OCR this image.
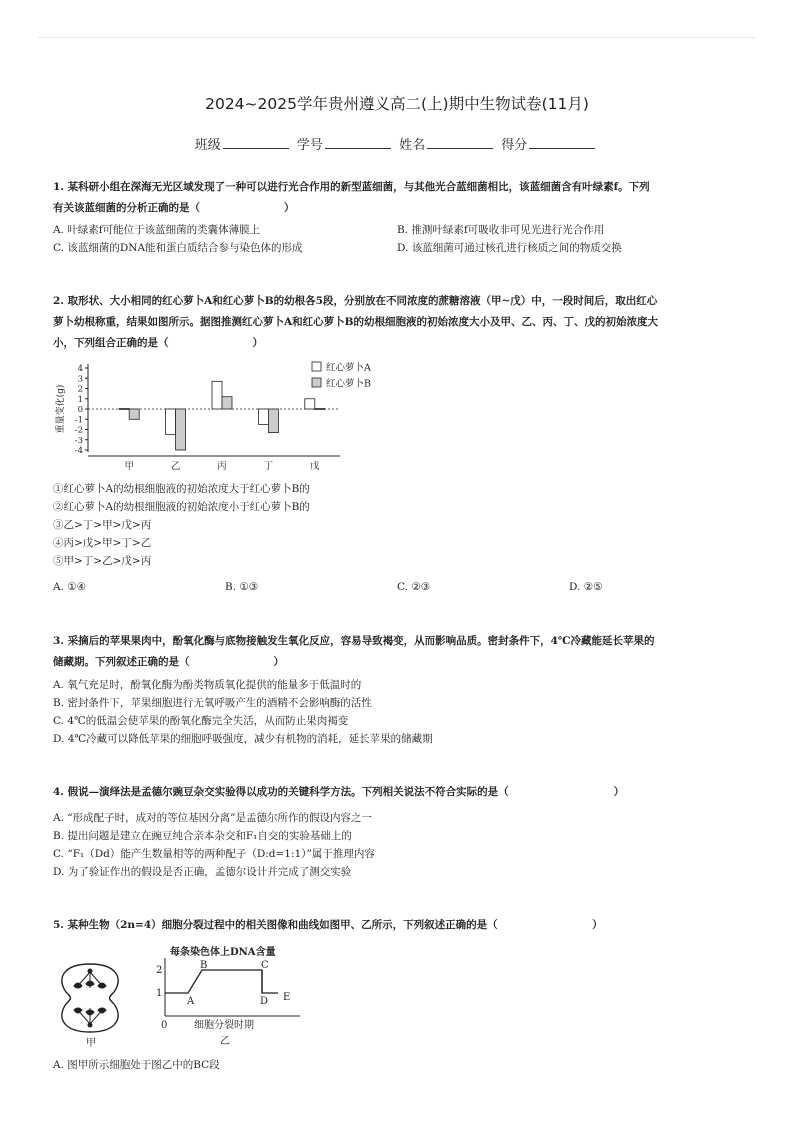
2024~2025学年贵州遵义高二(上)期中生物试卷(11月)
班级	学号	姓名	得分
1. 某科研小组在深海无光区域发现了一种可以进行光合作用的新型蓝细菌，与其他光合蓝细菌相比，该蓝细菌含有叶绿素f。下列
有关该蓝细菌的分析正确的是（　　　　　　　　）
A. 叶绿素f可能位于该蓝细菌的类囊体薄膜上	B. 推测叶绿素f可吸收非可见光进行光合作用
C. 该蓝细菌的DNA能和蛋白质结合参与染色体的形成	D. 该蓝细菌可通过核孔进行核质之间的物质交换
2. 取形状、大小相同的红心萝卜A和红心萝卜B的幼根各5段，分别放在不同浓度的蔗糖溶液（甲~戊）中，一段时间后，取出红心
萝卜幼根称重，结果如图所示。据图推测红心萝卜A和红心萝卜B的幼根细胞液的初始浓度大小及甲、乙、丙、丁、戊的初始浓度大
小，下列组合正确的是（　　　　　　　　）
重量变化(g)
4
3
2
1
0
-1
-2
-3
-4
甲	乙	丙	丁	戊
红心萝卜A
红心萝卜B
①红心萝卜A的幼根细胞液的初始浓度大于红心萝卜B的
②红心萝卜A的幼根细胞液的初始浓度小于红心萝卜B的
③乙>丁>甲>戊>丙
④丙>戊>甲>丁>乙
⑤甲>丁>乙>戊>丙
A. ①④	B. ①③	C. ②③	D. ②⑤
3. 采摘后的苹果果肉中，酚氧化酶与底物接触发生氧化反应，容易导致褐变，从而影响品质。密封条件下，4℃冷藏能延长苹果的
储藏期。下列叙述正确的是（　　　　　　　　）
A. 氧气充足时，酚氧化酶为酚类物质氧化提供的能量多于低温时的
B. 密封条件下，苹果细胞进行无氧呼吸产生的酒精不会影响酶的活性
C. 4℃的低温会使苹果的酚氧化酶完全失活，从而防止果肉褐变
D. 4℃冷藏可以降低苹果的细胞呼吸强度，减少有机物的消耗，延长苹果的储藏期
4. 假说—演绎法是孟德尔豌豆杂交实验得以成功的关键科学方法。下列相关说法不符合实际的是（　　　　　　　　　　）
A. “形成配子时，成对的等位基因分离”是孟德尔所作的假设内容之一
B. 提出问题是建立在豌豆纯合亲本杂交和F₁自交的实验基础上的
C. “F₁（Dd）能产生数量相等的两种配子（D:d=1:1）”属于推理内容
D. 为了验证作出的假设是否正确，孟德尔设计并完成了测交实验
5. 某种生物（2n=4）细胞分裂过程中的相关图像和曲线如图甲、乙所示，下列叙述正确的是（　　　　　　　　　）
甲
每条染色体上DNA含量
2
1
0
A
B	C
D E
细胞分裂时期
乙
A. 图甲所示细胞处于图乙中的BC段
